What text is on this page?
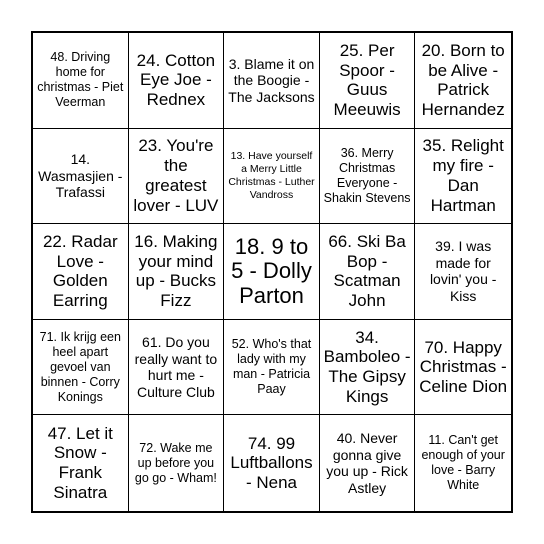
48. Driving home for christmas - Piet Veerman
24. Cotton Eye Joe - Rednex
3. Blame it on the Boogie - The Jacksons
25. Per Spoor - Guus Meeuwis
20. Born to be Alive - Patrick Hernandez
14. Wasmasjien - Trafassi
23. You're the greatest lover - LUV
13. Have yourself a Merry Little Christmas - Luther Vandross
36. Merry Christmas Everyone - Shakin Stevens
35. Relight my fire - Dan Hartman
22. Radar Love - Golden Earring
16. Making your mind up - Bucks Fizz
18. 9 to 5 - Dolly Parton
66. Ski Ba Bop - Scatman John
39. I was made for lovin' you - Kiss
71. Ik krijg een heel apart gevoel van binnen - Corry Konings
61. Do you really want to hurt me - Culture Club
52. Who's that lady with my man - Patricia Paay
34. Bamboleo - The Gipsy Kings
70. Happy Christmas - Celine Dion
47. Let it Snow - Frank Sinatra
72. Wake me up before you go go - Wham!
74. 99 Luftballons - Nena
40. Never gonna give you up - Rick Astley
11. Can't get enough of your love - Barry White
